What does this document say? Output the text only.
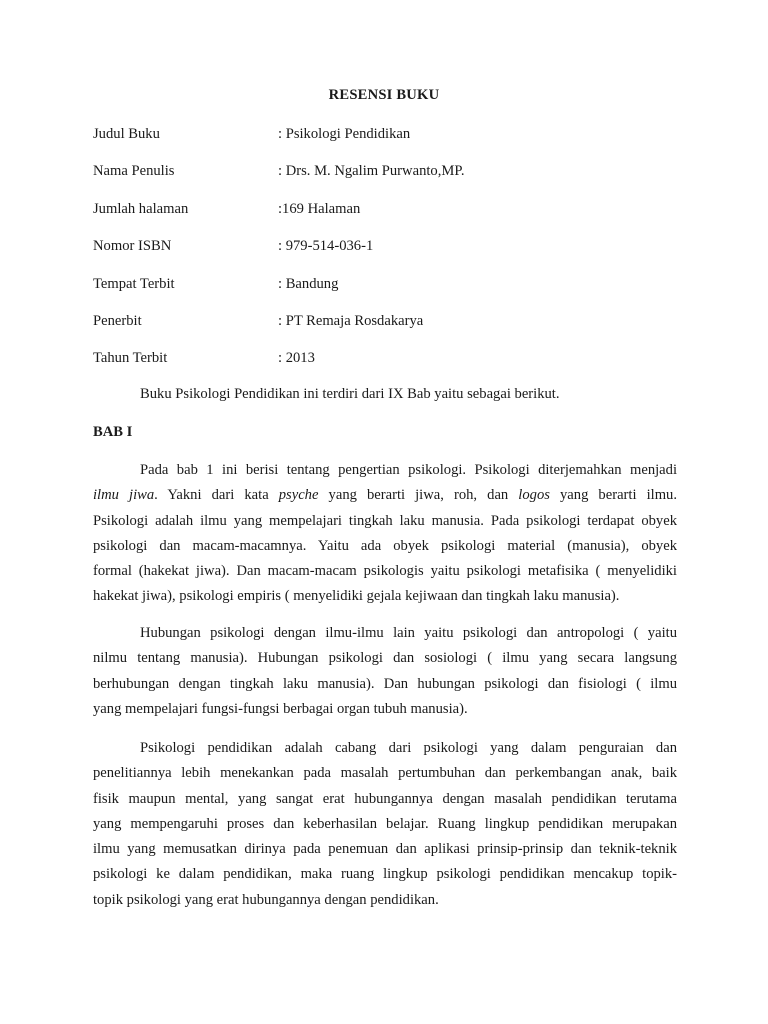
RESENSI BUKU
Judul Buku	: Psikologi Pendidikan
Nama Penulis	: Drs. M. Ngalim Purwanto,MP.
Jumlah halaman	:169 Halaman
Nomor ISBN	: 979-514-036-1
Tempat Terbit	: Bandung
Penerbit	: PT Remaja Rosdakarya
Tahun Terbit	: 2013
Buku Psikologi Pendidikan ini terdiri dari IX Bab yaitu sebagai berikut.
BAB I
Pada bab 1 ini berisi tentang pengertian psikologi. Psikologi diterjemahkan menjadi
ilmu jiwa. Yakni dari kata psyche yang berarti jiwa, roh, dan logos yang berarti ilmu.
Psikologi adalah ilmu yang mempelajari tingkah laku manusia. Pada psikologi terdapat obyek
psikologi dan macam-macamnya. Yaitu ada obyek psikologi material (manusia), obyek
formal (hakekat jiwa). Dan macam-macam psikologis yaitu psikologi metafisika ( menyelidiki
hakekat jiwa), psikologi empiris ( menyelidiki gejala kejiwaan dan tingkah laku manusia).
Hubungan psikologi dengan ilmu-ilmu lain yaitu psikologi dan antropologi ( yaitu
nilmu tentang manusia). Hubungan psikologi dan sosiologi ( ilmu yang secara langsung
berhubungan dengan tingkah laku manusia). Dan hubungan psikologi dan fisiologi ( ilmu
yang mempelajari fungsi-fungsi berbagai organ tubuh manusia).
Psikologi pendidikan adalah cabang dari psikologi yang dalam penguraian dan
penelitiannya lebih menekankan pada masalah pertumbuhan dan perkembangan anak, baik
fisik maupun mental, yang sangat erat hubungannya dengan masalah pendidikan terutama
yang mempengaruhi proses dan keberhasilan belajar. Ruang lingkup pendidikan merupakan
ilmu yang memusatkan dirinya pada penemuan dan aplikasi prinsip-prinsip dan teknik-teknik
psikologi ke dalam pendidikan, maka ruang lingkup psikologi pendidikan mencakup topik-
topik psikologi yang erat hubungannya dengan pendidikan.
